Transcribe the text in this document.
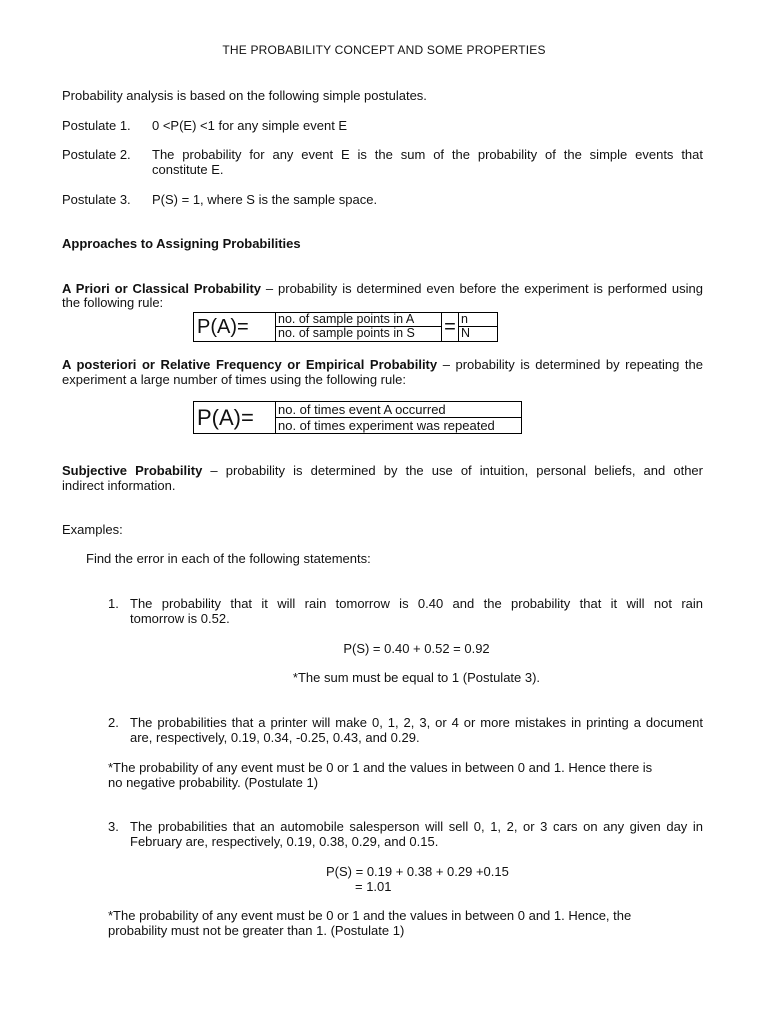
THE PROBABILITY CONCEPT AND SOME PROPERTIES
Probability analysis is based on the following simple postulates.
Postulate 1. 0 <P(E) <1 for any simple event E
Postulate 2. The probability for any event E is the sum of the probability of the simple events that
constitute E.
Postulate 3. P(S) = 1, where S is the sample space.
Approaches to Assigning Probabilities
A Priori or Classical Probability – probability is determined even before the experiment is performed using
the following rule:
P(A)=	no. of sample points in A
no. of sample points in S	= n
N
A posteriori or Relative Frequency or Empirical Probability – probability is determined by repeating the
experiment a large number of times using the following rule:
P(A)=	no. of times event A occurred
no. of times experiment was repeated
Subjective Probability – probability is determined by the use of intuition, personal beliefs, and other
indirect information.
Examples:
Find the error in each of the following statements:
1. The probability that it will rain tomorrow is 0.40 and the probability that it will not rain
tomorrow is 0.52.
P(S) = 0.40 + 0.52 = 0.92
*The sum must be equal to 1 (Postulate 3).
2. The probabilities that a printer will make 0, 1, 2, 3, or 4 or more mistakes in printing a document
are, respectively, 0.19, 0.34, -0.25, 0.43, and 0.29.
*The probability of any event must be 0 or 1 and the values in between 0 and 1. Hence there is
no negative probability. (Postulate 1)
3. The probabilities that an automobile salesperson will sell 0, 1, 2, or 3 cars on any given day in
February are, respectively, 0.19, 0.38, 0.29, and 0.15.
P(S) = 0.19 + 0.38 + 0.29 +0.15
= 1.01
*The probability of any event must be 0 or 1 and the values in between 0 and 1. Hence, the
probability must not be greater than 1. (Postulate 1)
